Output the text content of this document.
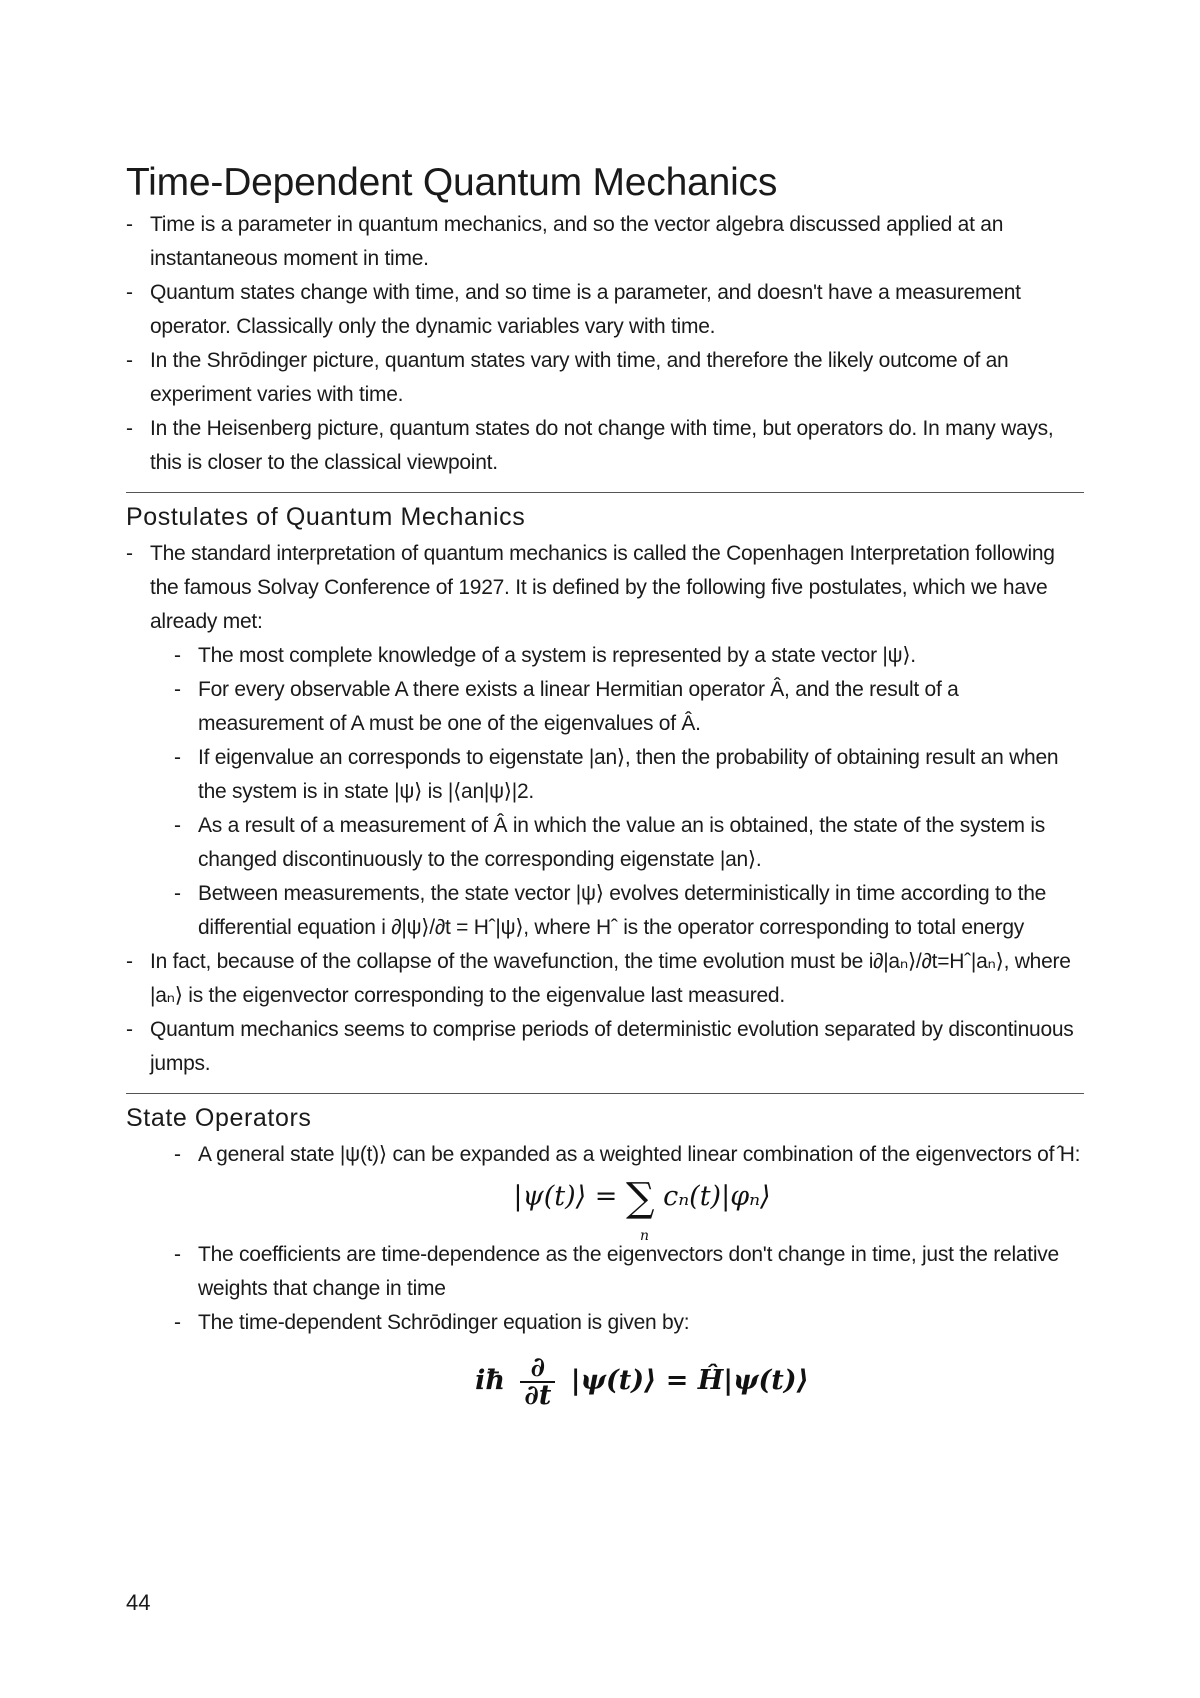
Time-Dependent Quantum Mechanics
- Time is a parameter in quantum mechanics, and so the vector algebra discussed applied at an instantaneous moment in time.
- Quantum states change with time, and so time is a parameter, and doesn't have a measurement operator. Classically only the dynamic variables vary with time.
- In the Shrōdinger picture, quantum states vary with time, and therefore the likely outcome of an experiment varies with time.
- In the Heisenberg picture, quantum states do not change with time, but operators do. In many ways, this is closer to the classical viewpoint.
Postulates of Quantum Mechanics
- The standard interpretation of quantum mechanics is called the Copenhagen Interpretation following the famous Solvay Conference of 1927. It is defined by the following five postulates, which we have already met:
- The most complete knowledge of a system is represented by a state vector |ψ⟩.
- For every observable A there exists a linear Hermitian operator Â, and the result of a measurement of A must be one of the eigenvalues of Â.
- If eigenvalue an corresponds to eigenstate |an⟩, then the probability of obtaining result an when the system is in state |ψ⟩ is |⟨an|ψ⟩|2.
- As a result of a measurement of Â in which the value an is obtained, the state of the system is changed discontinuously to the corresponding eigenstate |an⟩.
- Between measurements, the state vector |ψ⟩ evolves deterministically in time according to the differential equation i ∂|ψ⟩/∂t = Hˆ|ψ⟩, where Hˆ is the operator corresponding to total energy
- In fact, because of the collapse of the wavefunction, the time evolution must be i∂|aₙ⟩/∂t=Hˆ|aₙ⟩, where |aₙ⟩ is the eigenvector corresponding to the eigenvalue last measured.
- Quantum mechanics seems to comprise periods of deterministic evolution separated by discontinuous jumps.
State Operators
- A general state |ψ(t)⟩ can be expanded as a weighted linear combination of the eigenvectors of ̂H:
|ψ(t)⟩ = ∑
n
cₙ(t)|φₙ⟩
- The coefficients are time-dependence as the eigenvectors don't change in time, just the relative weights that change in time
- The time-dependent Schrōdinger equation is given by:
iħ $\frac{\partial}{\partial t}$ |ψ(t)⟩ = Ĥ|ψ(t)⟩
44
